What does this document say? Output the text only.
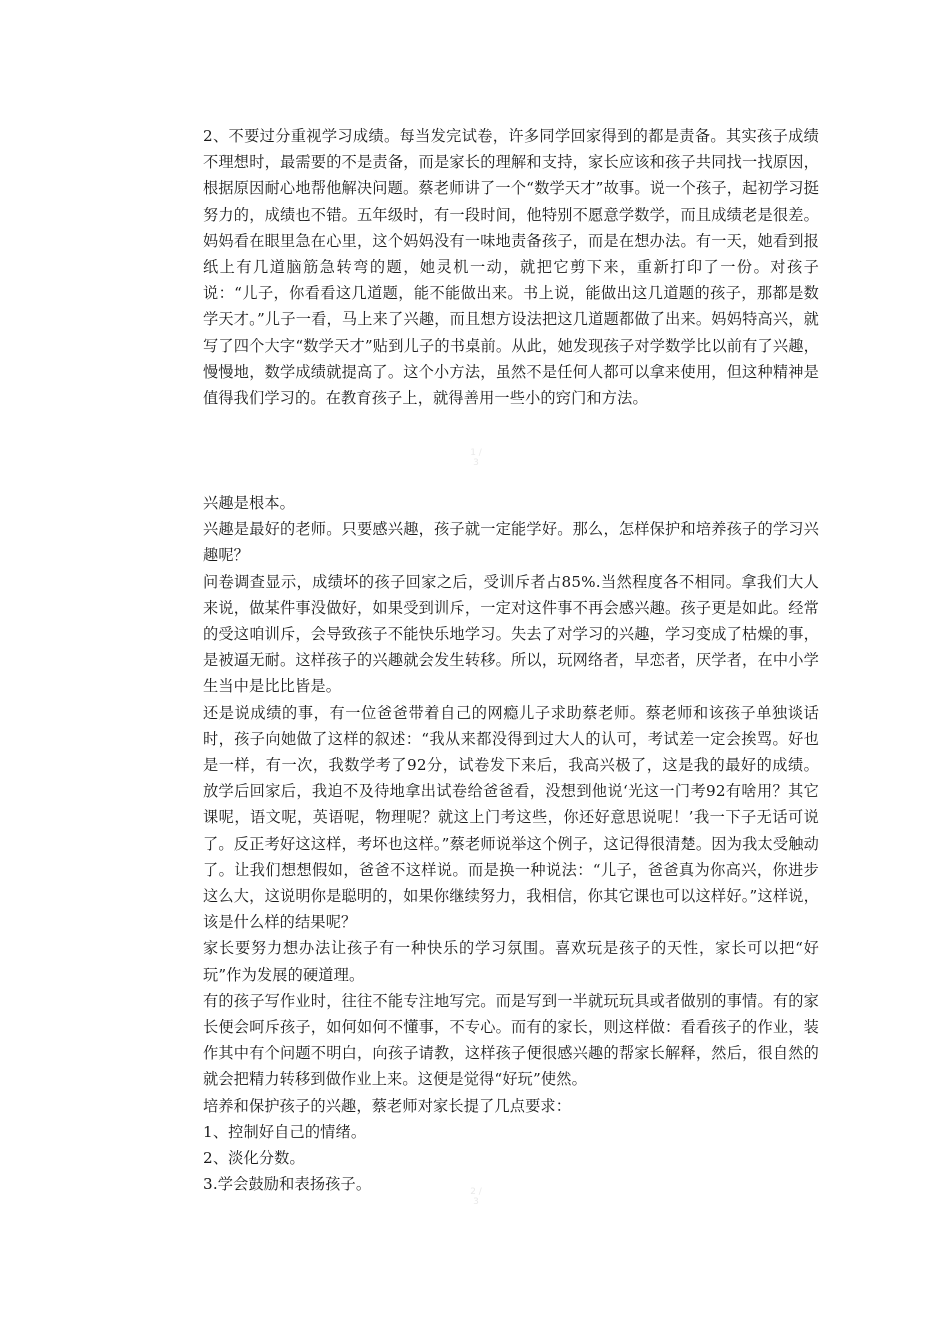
2、不要过分重视学习成绩。每当发完试卷，许多同学回家得到的都是责备。其实孩子成绩不理想时，最需要的不是责备，而是家长的理解和支持，家长应该和孩子共同找一找原因，根据原因耐心地帮他解决问题。蔡老师讲了一个“数学天才”故事。说一个孩子，起初学习挺努力的，成绩也不错。五年级时，有一段时间，他特别不愿意学数学，而且成绩老是很差。妈妈看在眼里急在心里，这个妈妈没有一味地责备孩子，而是在想办法。有一天，她看到报纸上有几道脑筋急转弯的题，她灵机一动，就把它剪下来，重新打印了一份。对孩子说：“儿子，你看看这几道题，能不能做出来。书上说，能做出这几道题的孩子，那都是数学天才。”儿子一看，马上来了兴趣，而且想方设法把这几道题都做了出来。妈妈特高兴，就写了四个大字“数学天才”贴到儿子的书桌前。从此，她发现孩子对学数学比以前有了兴趣，慢慢地，数学成绩就提高了。这个小方法，虽然不是任何人都可以拿来使用，但这种精神是值得我们学习的。在教育孩子上，就得善用一些小的窍门和方法。

1 / 3

兴趣是根本。

兴趣是最好的老师。只要感兴趣，孩子就一定能学好。那么，怎样保护和培养孩子的学习兴趣呢？

问卷调查显示，成绩坏的孩子回家之后，受训斥者占85%.当然程度各不相同。拿我们大人来说，做某件事没做好，如果受到训斥，一定对这件事不再会感兴趣。孩子更是如此。经常的受这咱训斥，会导致孩子不能快乐地学习。失去了对学习的兴趣，学习变成了枯燥的事，是被逼无耐。这样孩子的兴趣就会发生转移。所以，玩网络者，早恋者，厌学者，在中小学生当中是比比皆是。

还是说成绩的事，有一位爸爸带着自己的网瘾儿子求助蔡老师。蔡老师和该孩子单独谈话时，孩子向她做了这样的叙述：“我从来都没得到过大人的认可，考试差一定会挨骂。好也是一样，有一次，我数学考了92分，试卷发下来后，我高兴极了，这是我的最好的成绩。放学后回家后，我迫不及待地拿出试卷给爸爸看，没想到他说‘光这一门考92有啥用？其它课呢，语文呢，英语呢，物理呢？就这上门考这些，你还好意思说呢！’我一下子无话可说了。反正考好这这样，考坏也这样。”蔡老师说举这个例子，这记得很清楚。因为我太受触动了。让我们想想假如，爸爸不这样说。而是换一种说法：“儿子，爸爸真为你高兴，你进步这么大，这说明你是聪明的，如果你继续努力，我相信，你其它课也可以这样好。”这样说，该是什么样的结果呢？

家长要努力想办法让孩子有一种快乐的学习氛围。喜欢玩是孩子的天性，家长可以把“好玩”作为发展的硬道理。

有的孩子写作业时，往往不能专注地写完。而是写到一半就玩玩具或者做别的事情。有的家长便会呵斥孩子，如何如何不懂事，不专心。而有的家长，则这样做：看看孩子的作业，装作其中有个问题不明白，向孩子请教，这样孩子便很感兴趣的帮家长解释，然后，很自然的就会把精力转移到做作业上来。这便是觉得“好玩”使然。

培养和保护孩子的兴趣，蔡老师对家长提了几点要求：

1、控制好自己的情绪。

2、淡化分数。

3.学会鼓励和表扬孩子。	2 / 3
